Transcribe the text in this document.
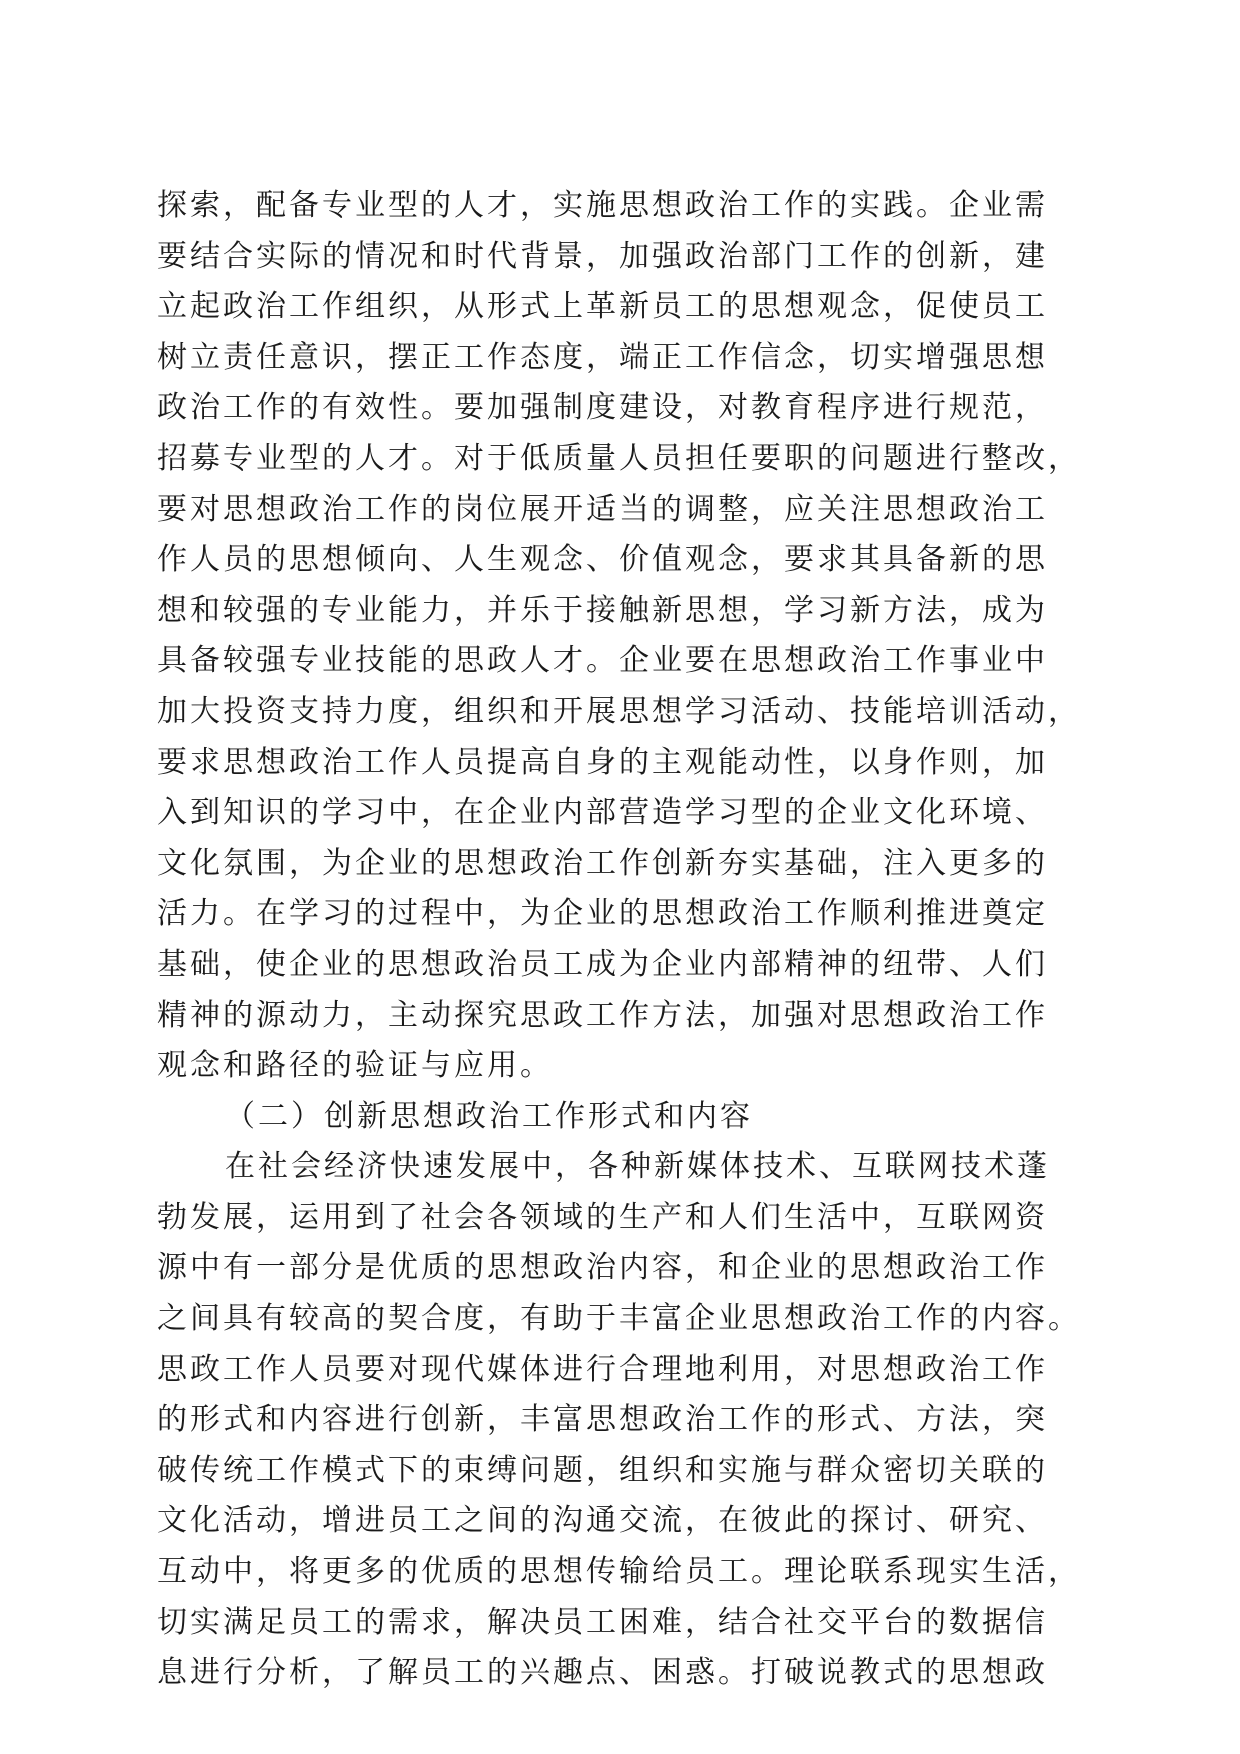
探索，配备专业型的人才，实施思想政治工作的实践。企业需
要结合实际的情况和时代背景，加强政治部门工作的创新，建
立起政治工作组织，从形式上革新员工的思想观念，促使员工
树立责任意识，摆正工作态度，端正工作信念，切实增强思想
政治工作的有效性。要加强制度建设，对教育程序进行规范，
招募专业型的人才。对于低质量人员担任要职的问题进行整改，
要对思想政治工作的岗位展开适当的调整，应关注思想政治工
作人员的思想倾向、人生观念、价值观念，要求其具备新的思
想和较强的专业能力，并乐于接触新思想，学习新方法，成为
具备较强专业技能的思政人才。企业要在思想政治工作事业中
加大投资支持力度，组织和开展思想学习活动、技能培训活动，
要求思想政治工作人员提高自身的主观能动性，以身作则，加
入到知识的学习中，在企业内部营造学习型的企业文化环境、
文化氛围，为企业的思想政治工作创新夯实基础，注入更多的
活力。在学习的过程中，为企业的思想政治工作顺利推进奠定
基础，使企业的思想政治员工成为企业内部精神的纽带、人们
精神的源动力，主动探究思政工作方法，加强对思想政治工作
观念和路径的验证与应用。
（二）创新思想政治工作形式和内容
在社会经济快速发展中，各种新媒体技术、互联网技术蓬
勃发展，运用到了社会各领域的生产和人们生活中，互联网资
源中有一部分是优质的思想政治内容，和企业的思想政治工作
之间具有较高的契合度，有助于丰富企业思想政治工作的内容。
思政工作人员要对现代媒体进行合理地利用，对思想政治工作
的形式和内容进行创新，丰富思想政治工作的形式、方法，突
破传统工作模式下的束缚问题，组织和实施与群众密切关联的
文化活动，增进员工之间的沟通交流，在彼此的探讨、研究、
互动中，将更多的优质的思想传输给员工。理论联系现实生活，
切实满足员工的需求，解决员工困难，结合社交平台的数据信
息进行分析，了解员工的兴趣点、困惑。打破说教式的思想政
